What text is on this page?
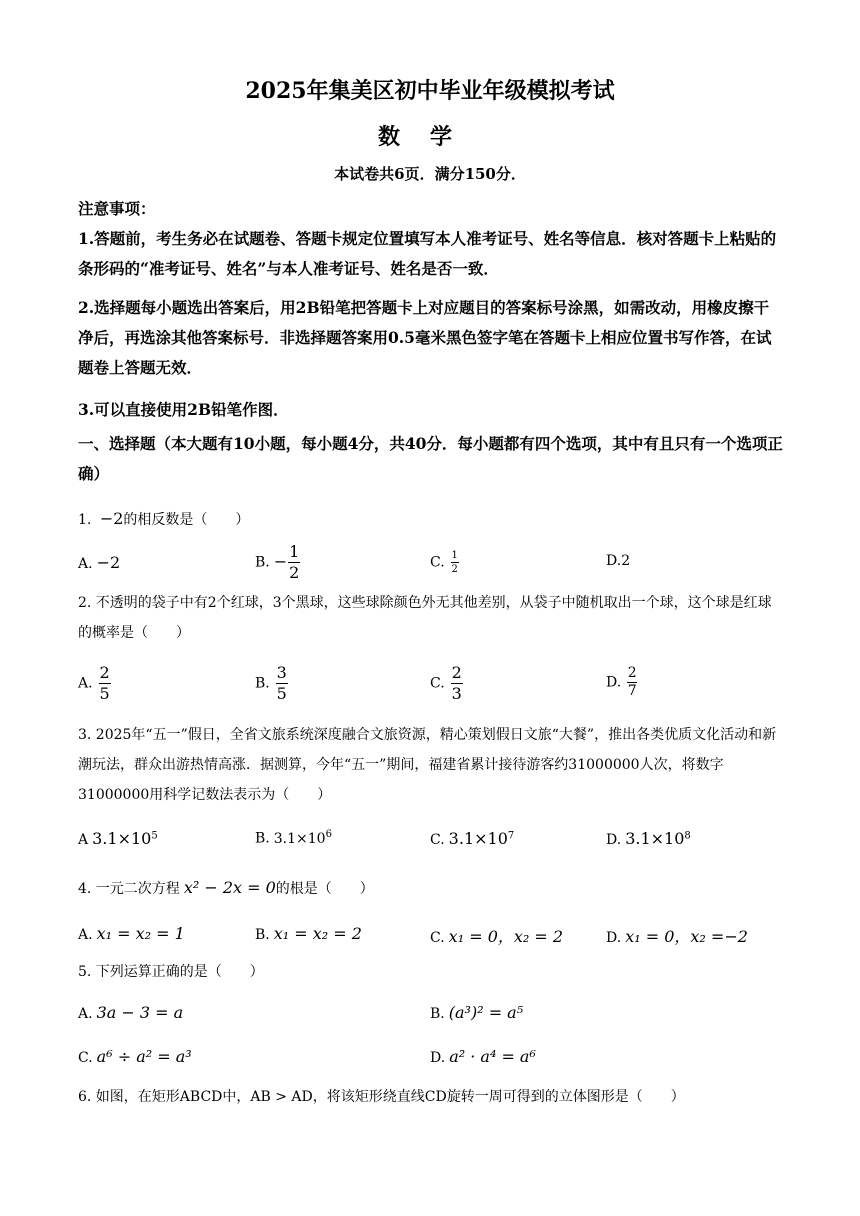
2025年集美区初中毕业年级模拟考试
数学
本试卷共6页．满分150分．
注意事项：
1.答题前，考生务必在试题卷、答题卡规定位置填写本人准考证号、姓名等信息．核对答题卡上粘贴的条形码的“准考证号、姓名”与本人准考证号、姓名是否一致．
2.选择题每小题选出答案后，用2B铅笔把答题卡上对应题目的答案标号涂黑，如需改动，用橡皮擦干净后，再选涂其他答案标号．非选择题答案用0.5毫米黑色签字笔在答题卡上相应位置书写作答，在试题卷上答题无效．
3.可以直接使用2B铅笔作图．
一、选择题（本大题有10小题，每小题4分，共40分．每小题都有四个选项，其中有且只有一个选项正确）
1. −2的相反数是（　　）
A. −2	B. − $\frac{1}{2}$	C. $\frac{1}{2}$	D.2
2. 不透明的袋子中有2个红球，3个黑球，这些球除颜色外无其他差别，从袋子中随机取出一个球，这个球是红球的概率是（　　）
A. $\frac{2}{5}$	B. $\frac{3}{5}$	C. $\frac{2}{3}$	D. $\frac{2}{7}$
3. 2025年“五一”假日，全省文旅系统深度融合文旅资源，精心策划假日文旅“大餐”，推出各类优质文化活动和新潮玩法，群众出游热情高涨．据测算，今年“五一”期间，福建省累计接待游客约31000000人次，将数字31000000用科学记数法表示为（　　）
A $3.1\times 10^5$	B. $3.1\times 10^6$	C. $3.1\times 10^7$	D. $3.1\times 10^8$
4. 一元二次方程 x² − 2x = 0的根是（　　）
A. x₁ = x₂ = 1	B. x₁ = x₂ = 2	C. x₁ = 0，x₂ = 2	D. x₁ = 0，x₂ =−2
5. 下列运算正确的是（　　）
A. 3a − 3 = a	B. (a³)² = a⁵
C. a⁶ ÷ a² = a³	D. a² · a⁴ = a⁶
6. 如图，在矩形ABCD中，AB > AD，将该矩形绕直线CD旋转一周可得到的立体图形是（　　）
